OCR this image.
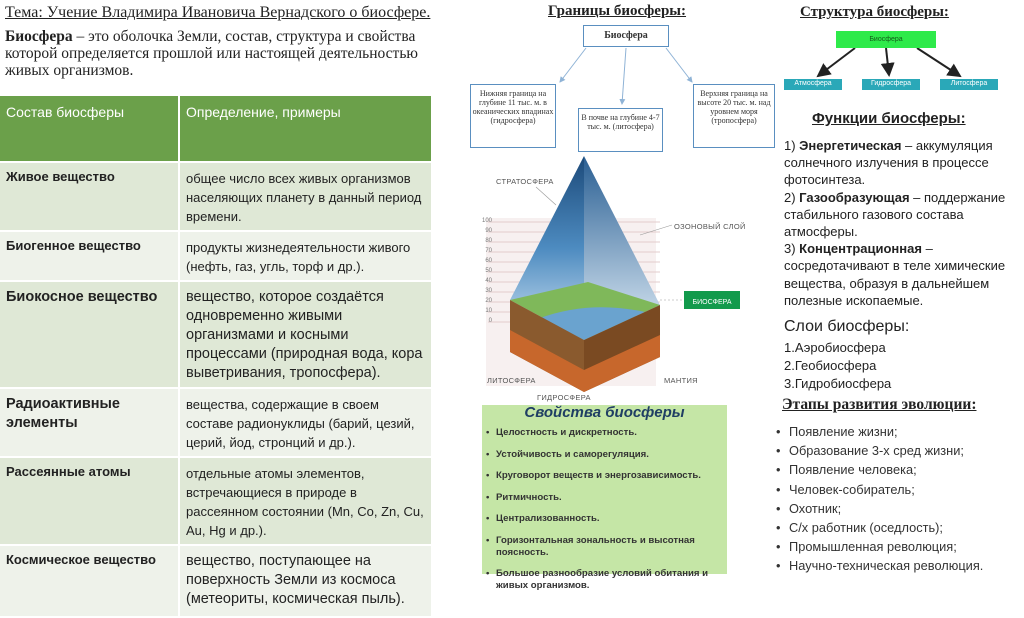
Тема: Учение Владимира Ивановича Вернадского о биосфере.
Биосфера – это оболочка Земли, состав, структура и свойства которой определяется прошлой или настоящей деятельностью живых организмов.
Состав биосферы	Определение, примеры
Живое вещество	общее число всех живых организмов населяющих планету в данный период времени.
Биогенное вещество	продукты жизнедеятельности живого (нефть, газ, угль, торф и др.).
Биокосное вещество	вещество, которое создаётся одновременно живыми организмами и косными процессами (природная вода, кора выветривания, тропосфера).
Радиоактивные элементы	вещества, содержащие в своем составе радионуклиды (барий, цезий, церий, йод, стронций и др.).
Рассеянные атомы	отдельные атомы элементов, встречающиеся в природе в рассеянном состоянии (Mn, Co, Zn, Cu, Au, Hg и др.).
Космическое вещество	вещество, поступающее на поверхность Земли из космоса (метеориты, космическая пыль).
Границы биосферы:
Биосфера
Нижняя граница на глубине 11 тыс. м. в океанических впадинах (гидросфера)	В почве на глубине 4-7 тыс. м. (литосфера)
Верхняя граница на высоте 20 тыс. м. над уровнем моря (тропосфера)
БИОСФЕРА
СТРАТОСФЕРА
ОЗОНОВЫЙ СЛОЙ
ЛИТОСФЕРА	МАНТИЯ
ГИДРОСФЕРА
100
90
80
70
60
50
40
30
20
10
0
• Целостность и дискретность.
• Устойчивость и саморегуляция.
• Круговорот веществ и энергозависимость.
• Ритмичность.
• Централизованность.
• Горизонтальная зональность и высотная поясность.
• Большое разнообразие условий обитания и живых организмов.
Свойства биосферы
Структура биосферы:
Биосфера
Атмосфера	Гидросфера	Литосфера
Функции биосферы:

1) Энергетическая – аккумуляция солнечного излучения в процессе фотосинтеза.

2) Газообразующая – поддержание стабильного газового состава атмосферы.

3) Концентрационная – сосредотачивают в теле химические вещества, образуя в дальнейшем полезные ископаемые.

Слои биосферы:
1.Аэробиосфера
2.Геобиосфера
3.Гидробиосфера
Этапы развития эволюции:
• Появление жизни;
• Образование 3-х сред жизни;
• Появление человека;
• Человек-собиратель;
• Охотник;
• С/х работник (оседлость);
• Промышленная революция;
• Научно-техническая революция.
